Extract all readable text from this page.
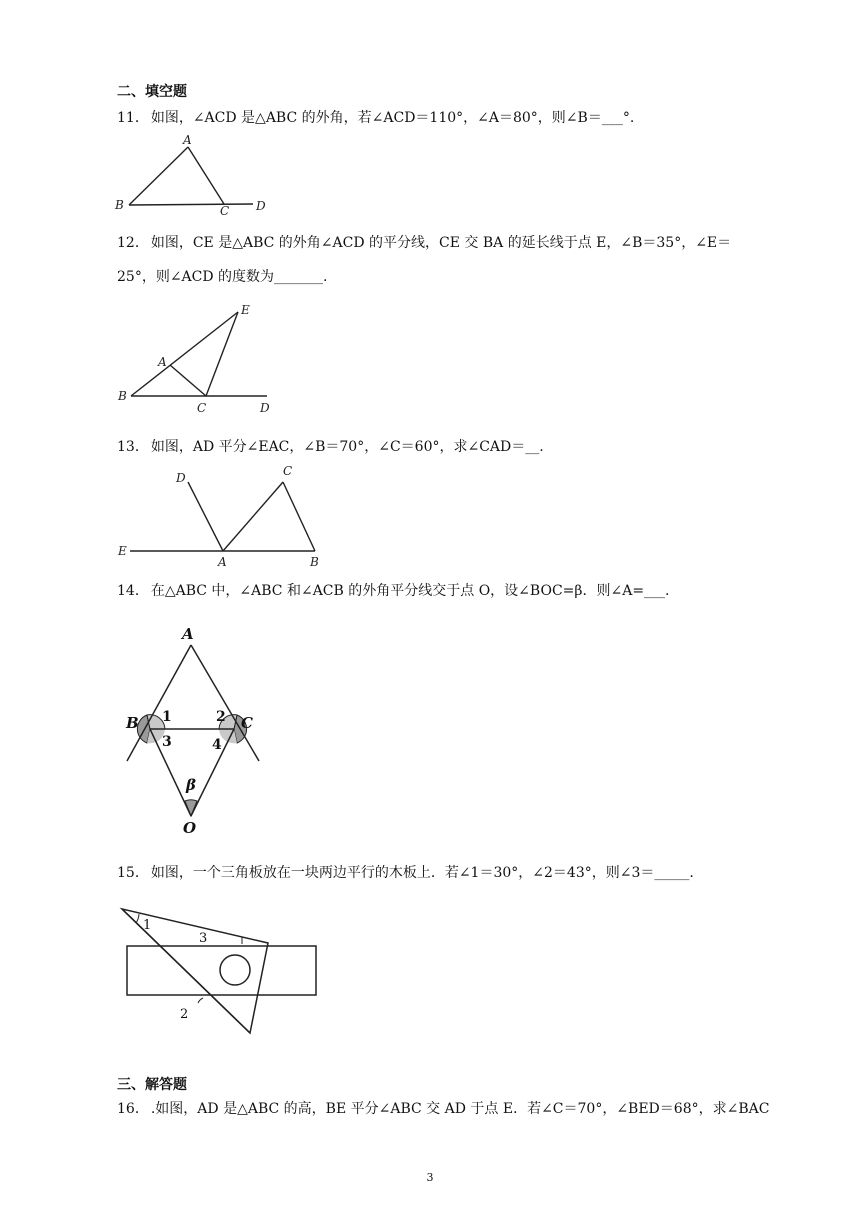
二、填空题
11． 如图，∠ACD 是△ABC 的外角，若∠ACD＝110°，∠A＝80°，则∠B＝___°.
A
B	C D
12． 如图，CE 是△ABC 的外角∠ACD 的平分线，CE 交 BA 的延长线于点 E，∠B＝35°，∠E＝
25°，则∠ACD 的度数为_______.
A
B
C	D
E
13． 如图，AD 平分∠EAC，∠B＝70°，∠C＝60°，求∠CAD＝__.
A	B
C
D
E
14． 在△ABC 中，∠ABC 和∠ACB 的外角平分线交于点 O，设∠BOC=β．则∠A=___.
A
B	C
O
1	2
3	4
β
15． 如图，一个三角板放在一块两边平行的木板上．若∠1＝30°，∠2＝43°，则∠3＝_____.
1
2
3
三、解答题
16． .如图，AD 是△ABC 的高，BE 平分∠ABC 交 AD 于点 E．若∠C＝70°，∠BED＝68°，求∠BAC
3
